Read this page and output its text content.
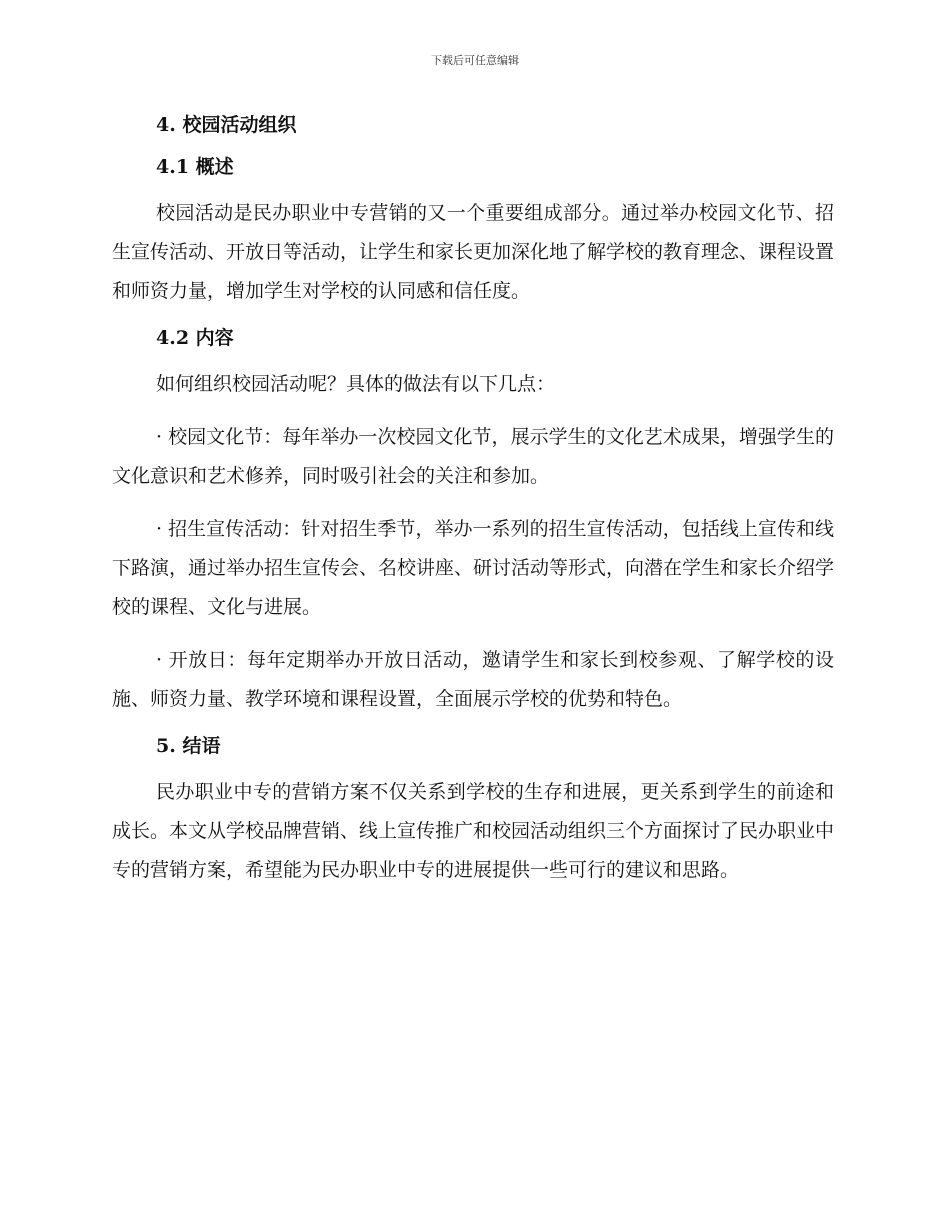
下载后可任意编辑
4. 校园活动组织
4.1 概述

校园活动是民办职业中专营销的又一个重要组成部分。通过举办校园文化节、招生宣传活动、开放日等活动，让学生和家长更加深化地了解学校的教育理念、课程设置和师资力量，增加学生对学校的认同感和信任度。

4.2 内容

如何组织校园活动呢？具体的做法有以下几点：

· 校园文化节：每年举办一次校园文化节，展示学生的文化艺术成果，增强学生的文化意识和艺术修养，同时吸引社会的关注和参加。

· 招生宣传活动：针对招生季节，举办一系列的招生宣传活动，包括线上宣传和线下路演，通过举办招生宣传会、名校讲座、研讨活动等形式，向潜在学生和家长介绍学校的课程、文化与进展。

· 开放日：每年定期举办开放日活动，邀请学生和家长到校参观、了解学校的设施、师资力量、教学环境和课程设置，全面展示学校的优势和特色。

5. 结语

民办职业中专的营销方案不仅关系到学校的生存和进展，更关系到学生的前途和成长。本文从学校品牌营销、线上宣传推广和校园活动组织三个方面探讨了民办职业中专的营销方案，希望能为民办职业中专的进展提供一些可行的建议和思路。
